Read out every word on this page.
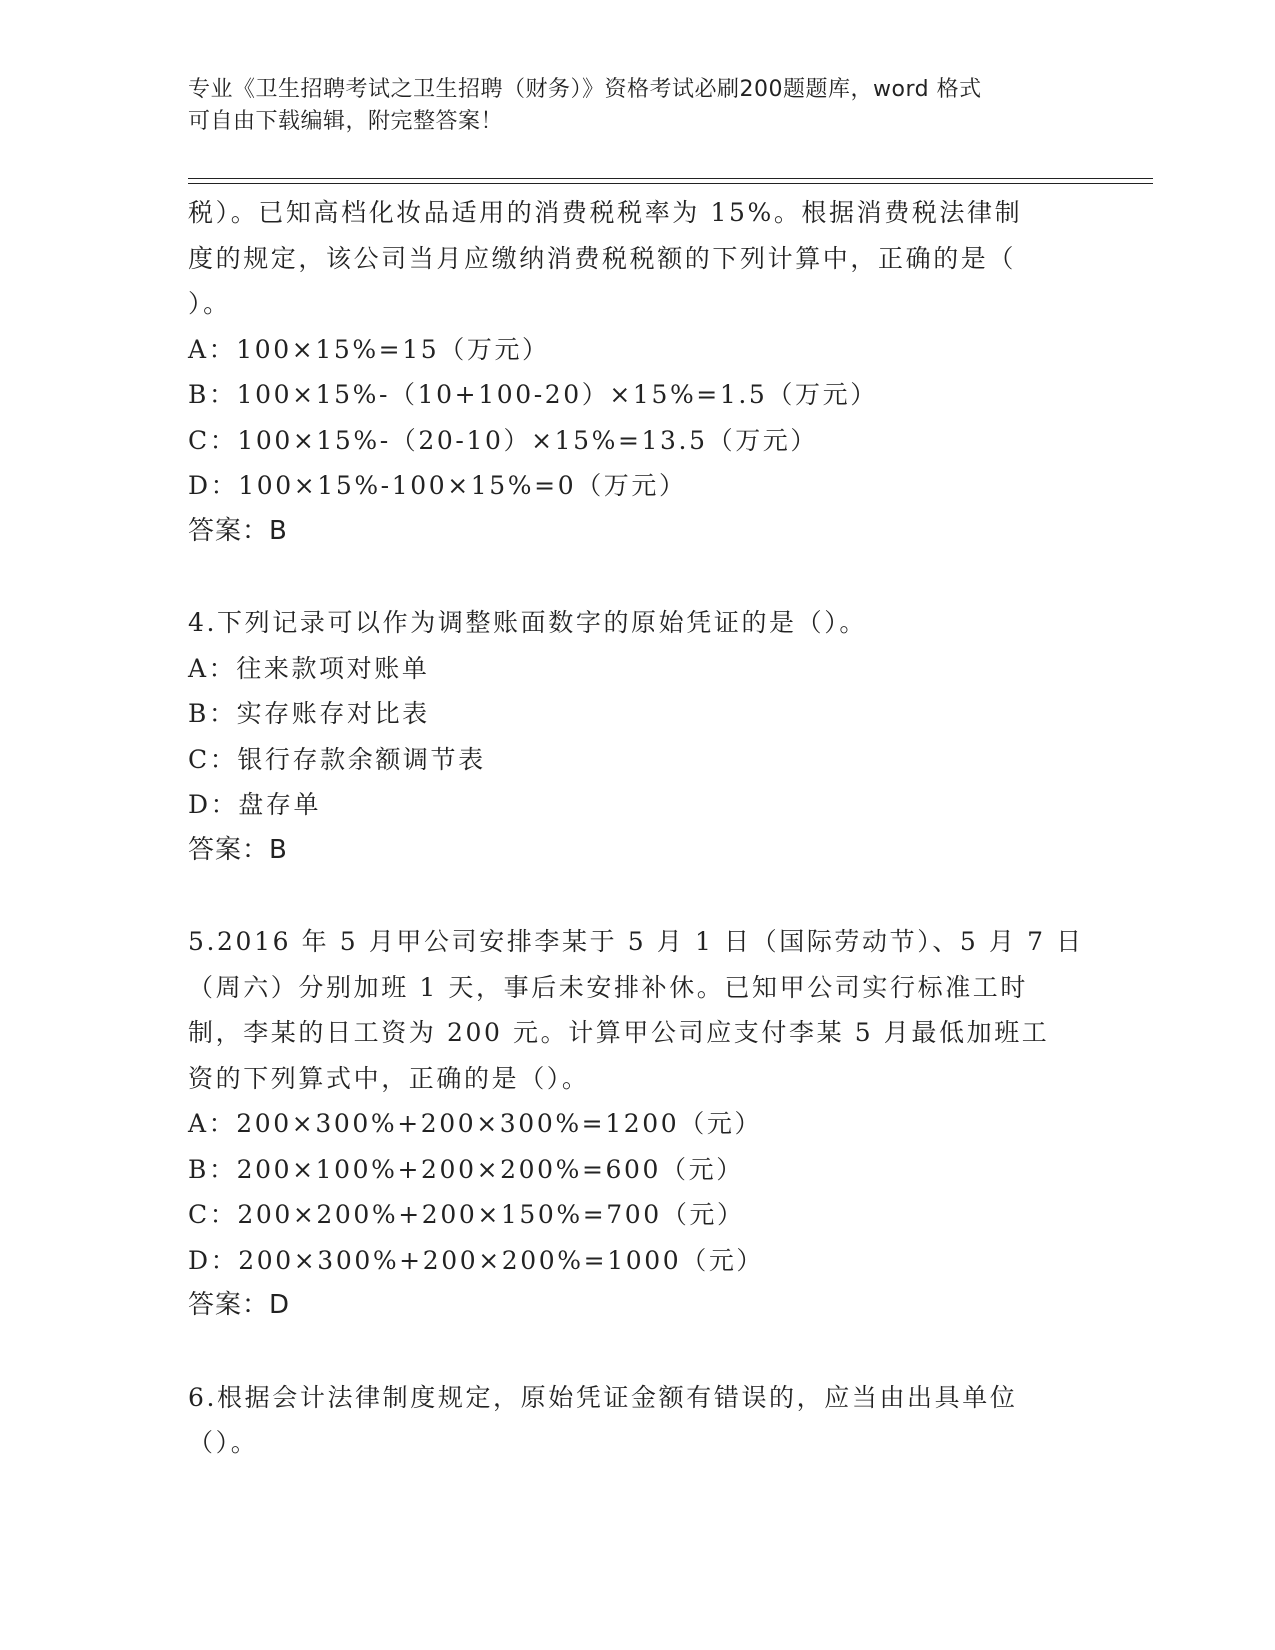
专业《卫生招聘考试之卫生招聘（财务）》资格考试必刷200题题库，word 格式
可自由下载编辑，附完整答案！
税）。已知高档化妆品适用的消费税税率为 15%。根据消费税法律制
度的规定，该公司当月应缴纳消费税税额的下列计算中，正确的是（
）。
A：100×15%=15（万元）
B：100×15%-（10+100-20）×15%=1.5（万元）
C：100×15%-（20-10）×15%=13.5（万元）
D：100×15%-100×15%=0（万元）
答案：B
4.下列记录可以作为调整账面数字的原始凭证的是（）。
A：往来款项对账单
B：实存账存对比表
C：银行存款余额调节表
D：盘存单
答案：B
5.2016 年 5 月甲公司安排李某于 5 月 1 日（国际劳动节）、5 月 7 日
（周六）分别加班 1 天，事后未安排补休。已知甲公司实行标准工时
制，李某的日工资为 200 元。计算甲公司应支付李某 5 月最低加班工
资的下列算式中，正确的是（）。
A：200×300%+200×300%=1200（元）
B：200×100%+200×200%=600（元）
C：200×200%+200×150%=700（元）
D：200×300%+200×200%=1000（元）
答案：D
6.根据会计法律制度规定，原始凭证金额有错误的，应当由出具单位
（）。
